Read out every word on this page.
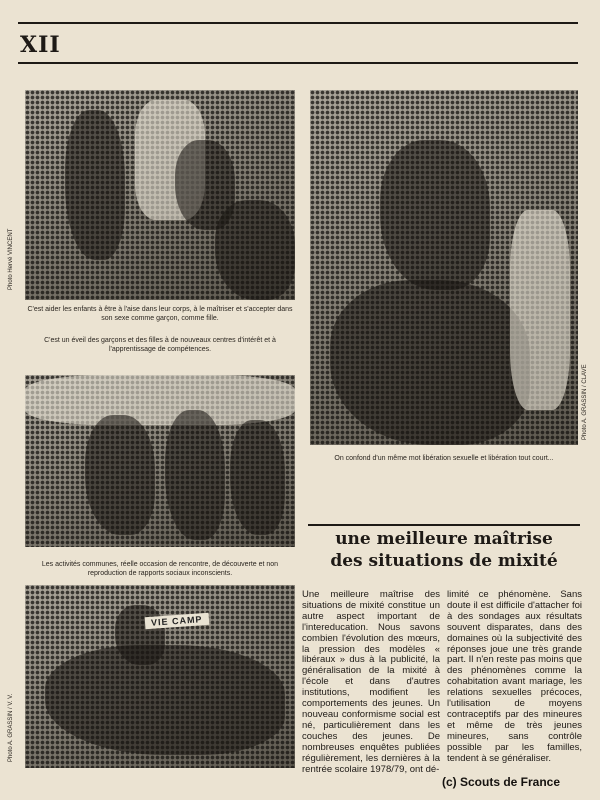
XII
Photo Hervé VINCENT
C'est aider les enfants à être à l'aise dans leur corps, à le maîtriser et s'accepter dans son sexe comme garçon, comme fille.
C'est un éveil des garçons et des filles à de nouveaux centres d'intérêt et à l'apprentissage de compétences.
Les activités communes, réelle occasion de rencontre, de découverte et non reproduction de rapports sociaux inconscients.
VIE CAMP
Photo A. GRASSIN / V. V.
Photo A. GRASSIN / CLAVE
On confond d'un même mot libération sexuelle et libération tout court...
une meilleure maîtrise
des situations de mixité
Une meilleure maîtrise des situations de mixité constitue un autre aspect important de l'intereducation. Nous savons combien l'évolution des mœurs, la pression des modèles « libéraux » dus à la publicité, la généralisation de la mixité à l'école et dans d'autres institutions, modifient les comportements des jeunes. Un nouveau conformisme social est né, particulièrement dans les couches des jeunes. De nombreuses enquêtes publiées régulièrement, les dernières à la rentrée scolaire 1978/79, ont dé-
limité ce phénomène. Sans doute il est difficile d'attacher foi à des sondages aux résultats souvent disparates, dans des domaines où la subjectivité des réponses joue une très grande part. Il n'en reste pas moins que des phénomènes comme la cohabitation avant mariage, les relations sexuelles précoces, l'utilisation de moyens contraceptifs par des mineures et même de très jeunes mineures, sans contrôle possible par les familles, tendent à se généraliser.
(c) Scouts de France
